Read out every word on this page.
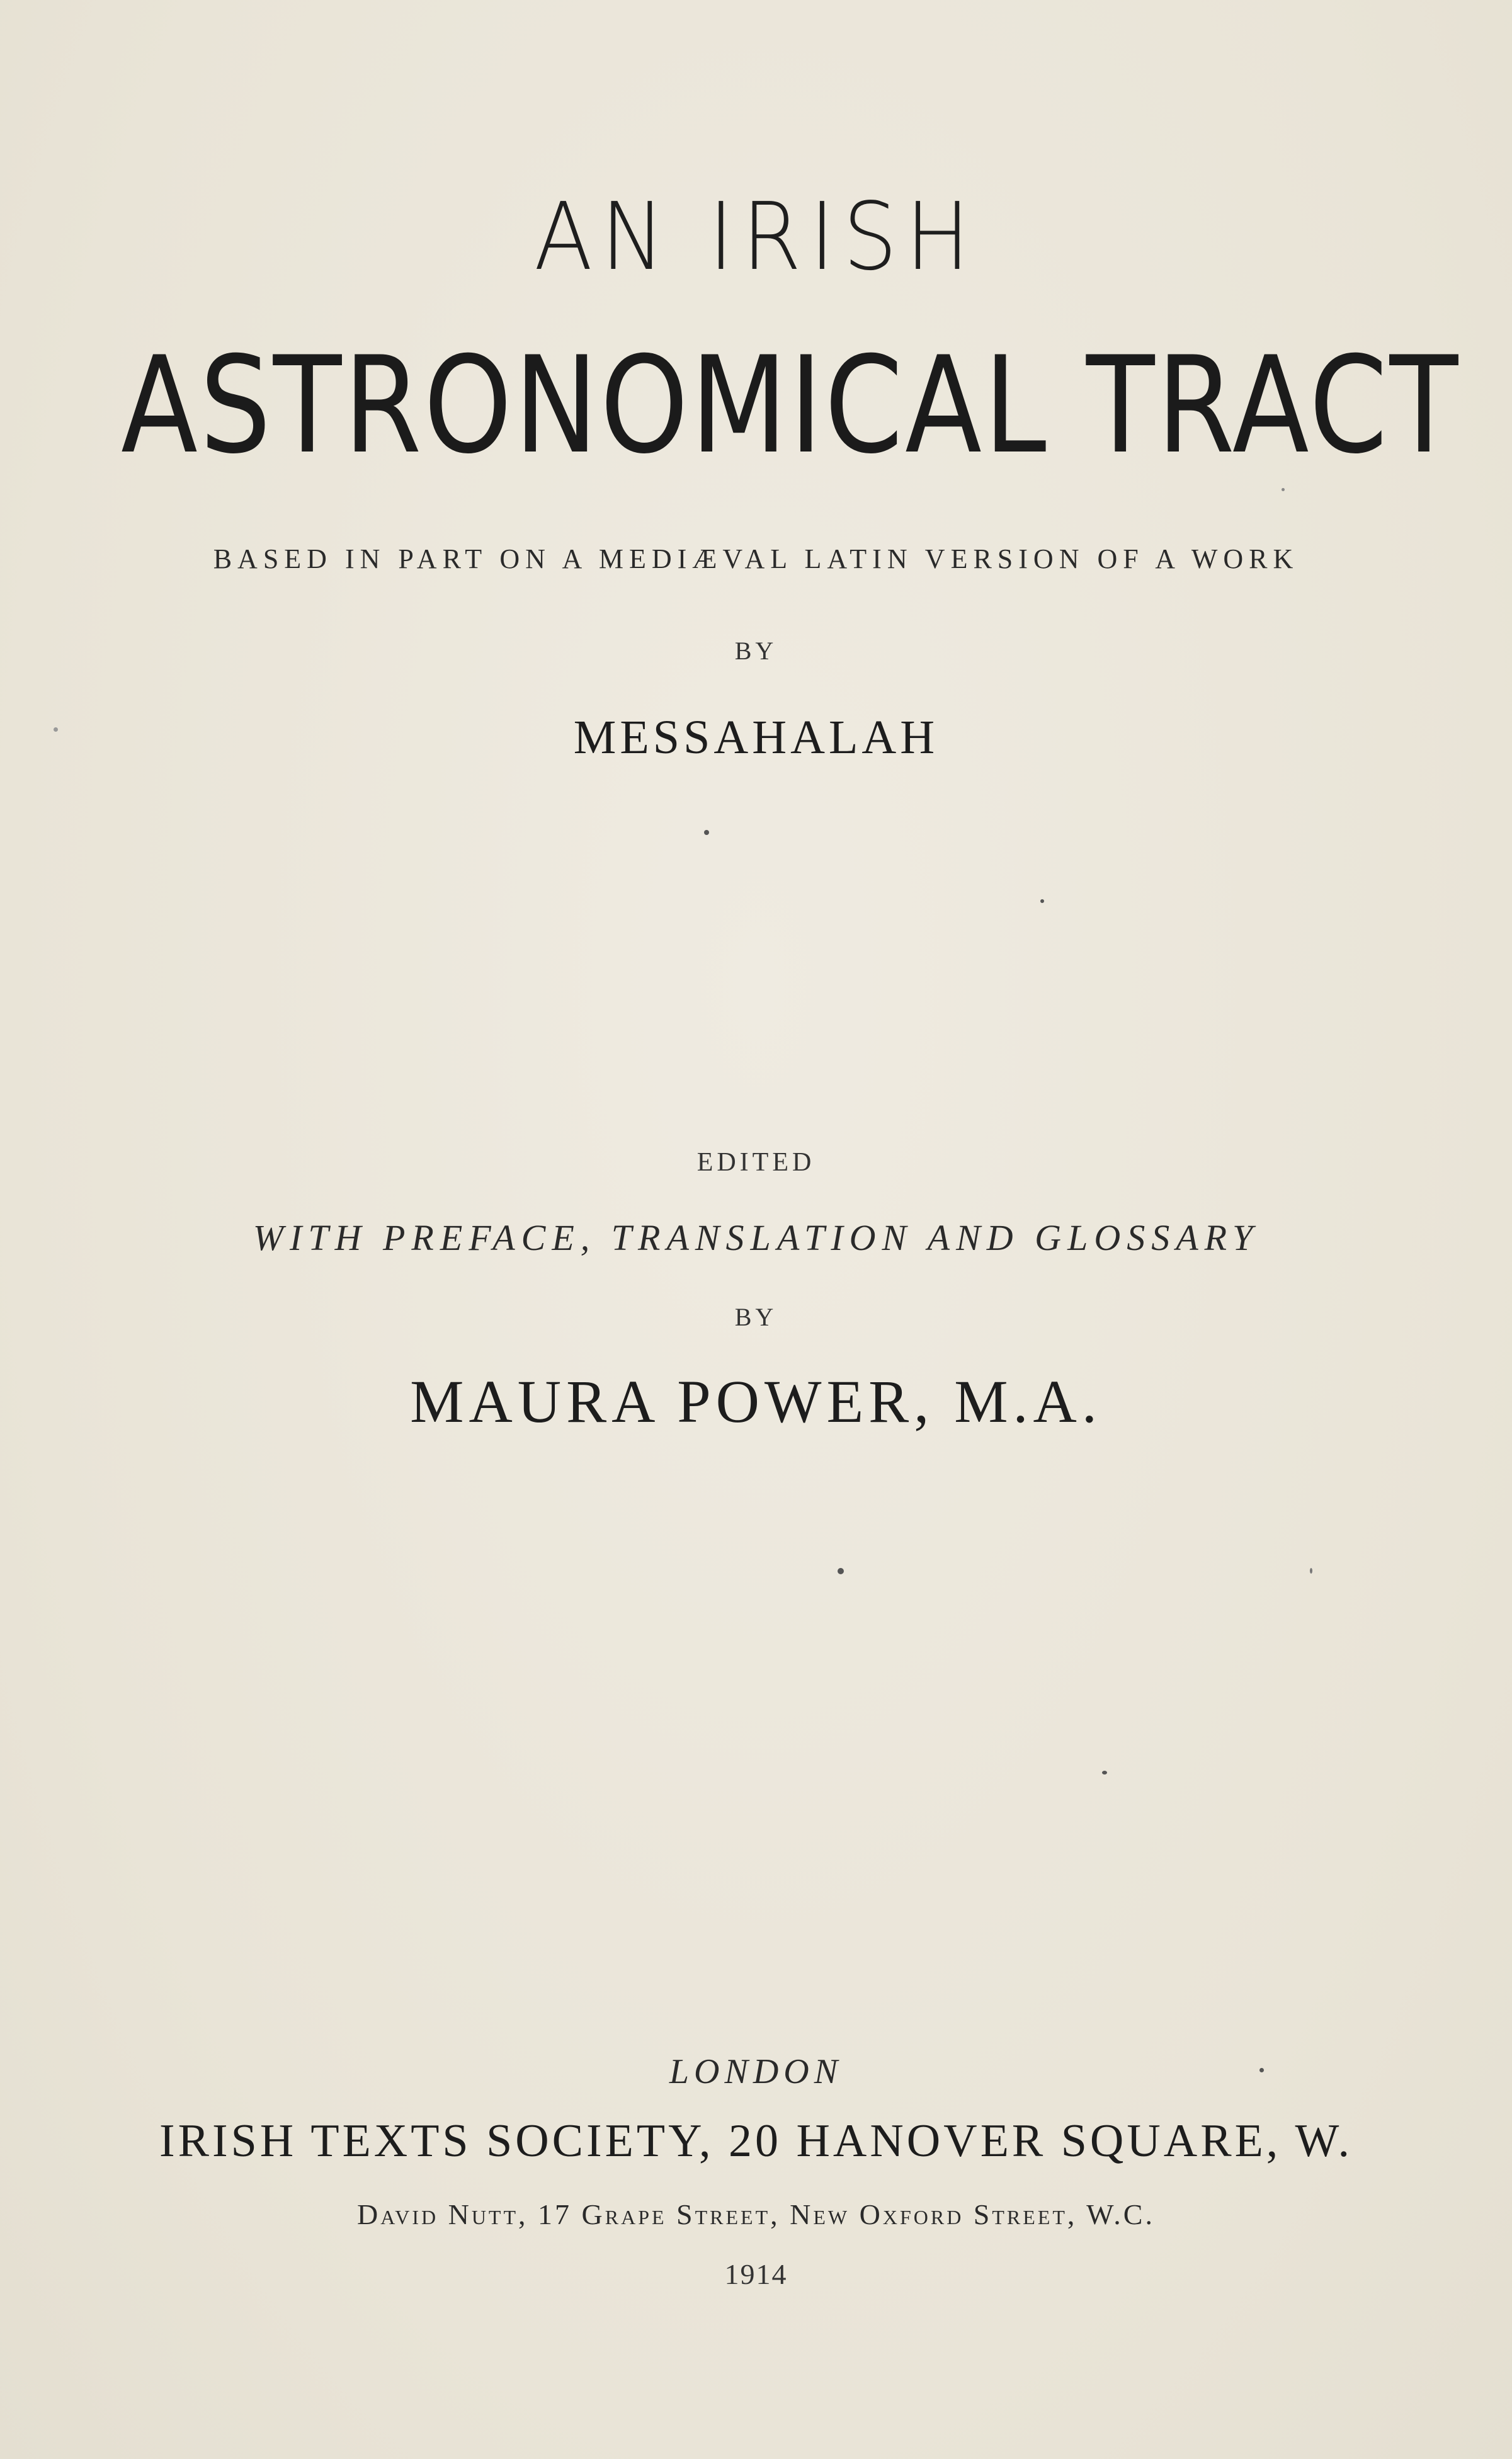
AN IRISH
ASTRONOMICAL TRACT
BASED IN PART ON A MEDIÆVAL LATIN VERSION OF A WORK
BY
MESSAHALAH
EDITED
WITH PREFACE, TRANSLATION AND GLOSSARY
BY
MAURA POWER, M.A.
LONDON
IRISH TEXTS SOCIETY, 20 HANOVER SQUARE, W.
David Nutt, 17 Grape Street, New Oxford Street, W.C.
1914
